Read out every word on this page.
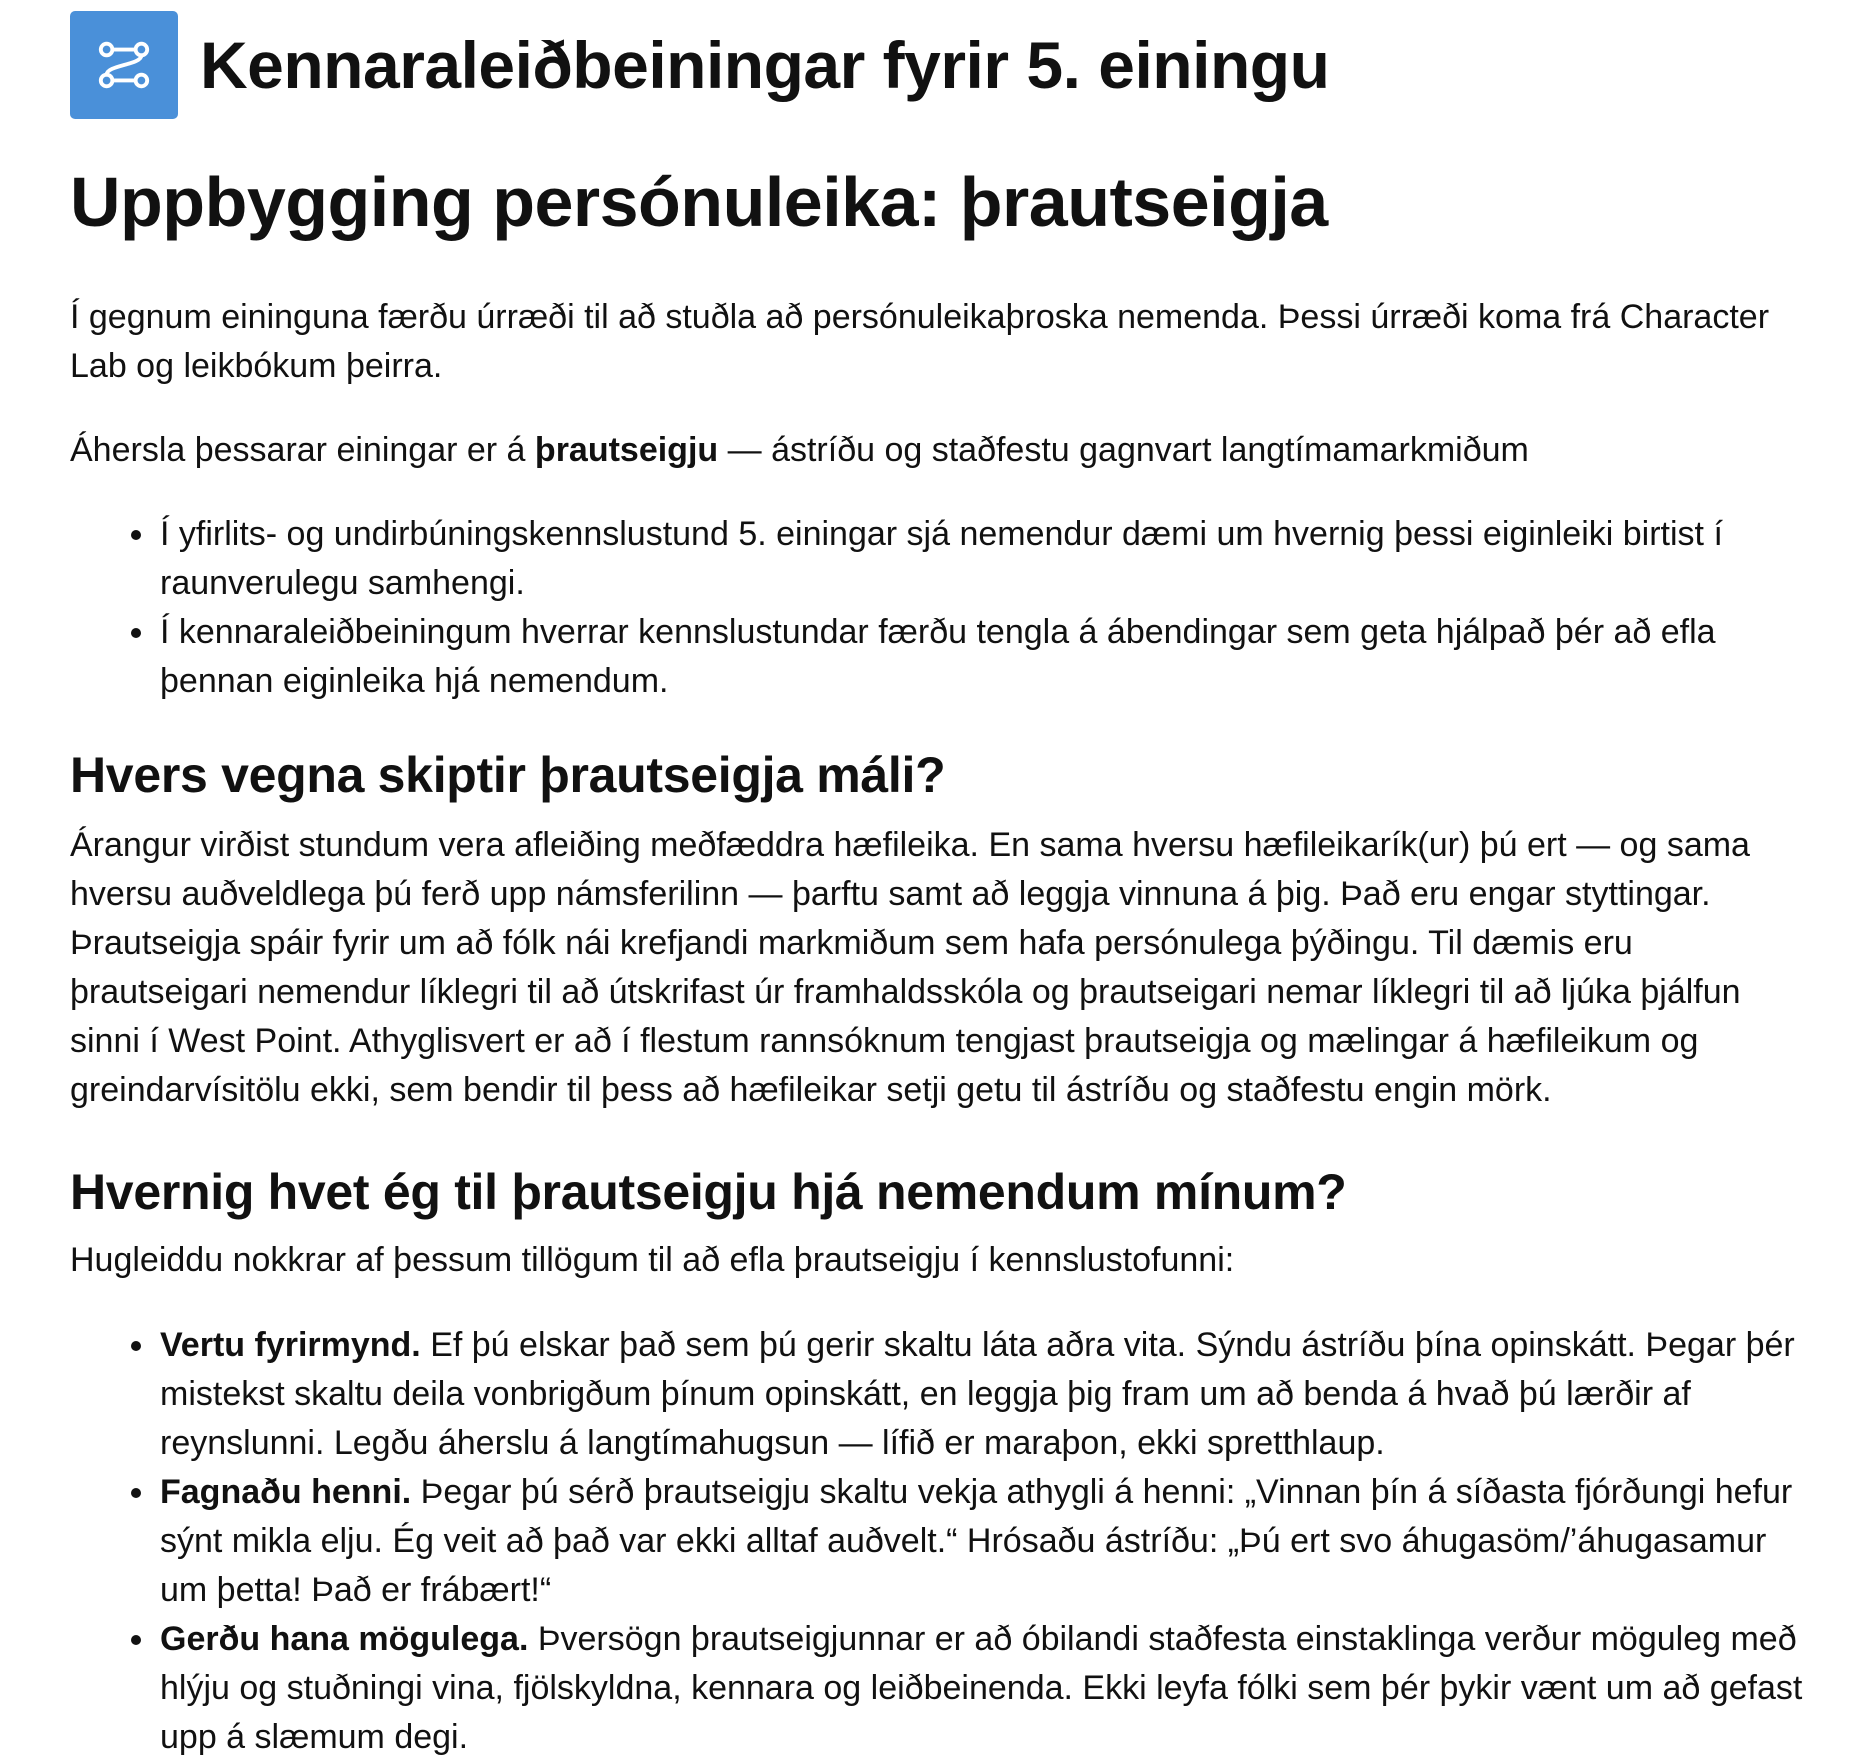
Kennaraleiðbeiningar fyrir 5. einingu
Uppbygging persónuleika: þrautseigja

Í gegnum eininguna færðu úrræði til að stuðla að persónuleikaþroska nemenda. Þessi úrræði koma frá Character Lab og leikbókum þeirra.

Áhersla þessarar einingar er á þrautseigju — ástríðu og staðfestu gagnvart langtímamarkmiðum

• Í yfirlits- og undirbúningskennslustund 5. einingar sjá nemendur dæmi um hvernig þessi eiginleiki birtist í raunverulegu samhengi.
• Í kennaraleiðbeiningum hverrar kennslustundar færðu tengla á ábendingar sem geta hjálpað þér að efla þennan eiginleika hjá nemendum.
Hvers vegna skiptir þrautseigja máli?

Árangur virðist stundum vera afleiðing meðfæddra hæfileika. En sama hversu hæfileikarík(ur) þú ert — og sama hversu auðveldlega þú ferð upp námsferilinn — þarftu samt að leggja vinnuna á þig. Það eru engar styttingar. Þrautseigja spáir fyrir um að fólk nái krefjandi markmiðum sem hafa persónulega þýðingu. Til dæmis eru þrautseigari nemendur líklegri til að útskrifast úr framhaldsskóla og þrautseigari nemar líklegri til að ljúka þjálfun sinni í West Point. Athyglisvert er að í flestum rannsóknum tengjast þrautseigja og mælingar á hæfileikum og greindarvísitölu ekki, sem bendir til þess að hæfileikar setji getu til ástríðu og staðfestu engin mörk.

Hvernig hvet ég til þrautseigju hjá nemendum mínum?

Hugleiddu nokkrar af þessum tillögum til að efla þrautseigju í kennslustofunni:

• Vertu fyrirmynd. Ef þú elskar það sem þú gerir skaltu láta aðra vita. Sýndu ástríðu þína opinskátt. Þegar þér mistekst skaltu deila vonbrigðum þínum opinskátt, en leggja þig fram um að benda á hvað þú lærðir af reynslunni. Legðu áherslu á langtímahugsun — lífið er maraþon, ekki spretthlaup.
• Fagnaðu henni. Þegar þú sérð þrautseigju skaltu vekja athygli á henni: „Vinnan þín á síðasta fjórðungi hefur sýnt mikla elju. Ég veit að það var ekki alltaf auðvelt.“ Hrósaðu ástríðu: „Þú ert svo áhugasöm/’áhugasamur um þetta! Það er frábært!“
• Gerðu hana mögulega. Þversögn þrautseigjunnar er að óbilandi staðfesta einstaklinga verður möguleg með hlýju og stuðningi vina, fjölskyldna, kennara og leiðbeinenda. Ekki leyfa fólki sem þér þykir vænt um að gefast upp á slæmum degi.
